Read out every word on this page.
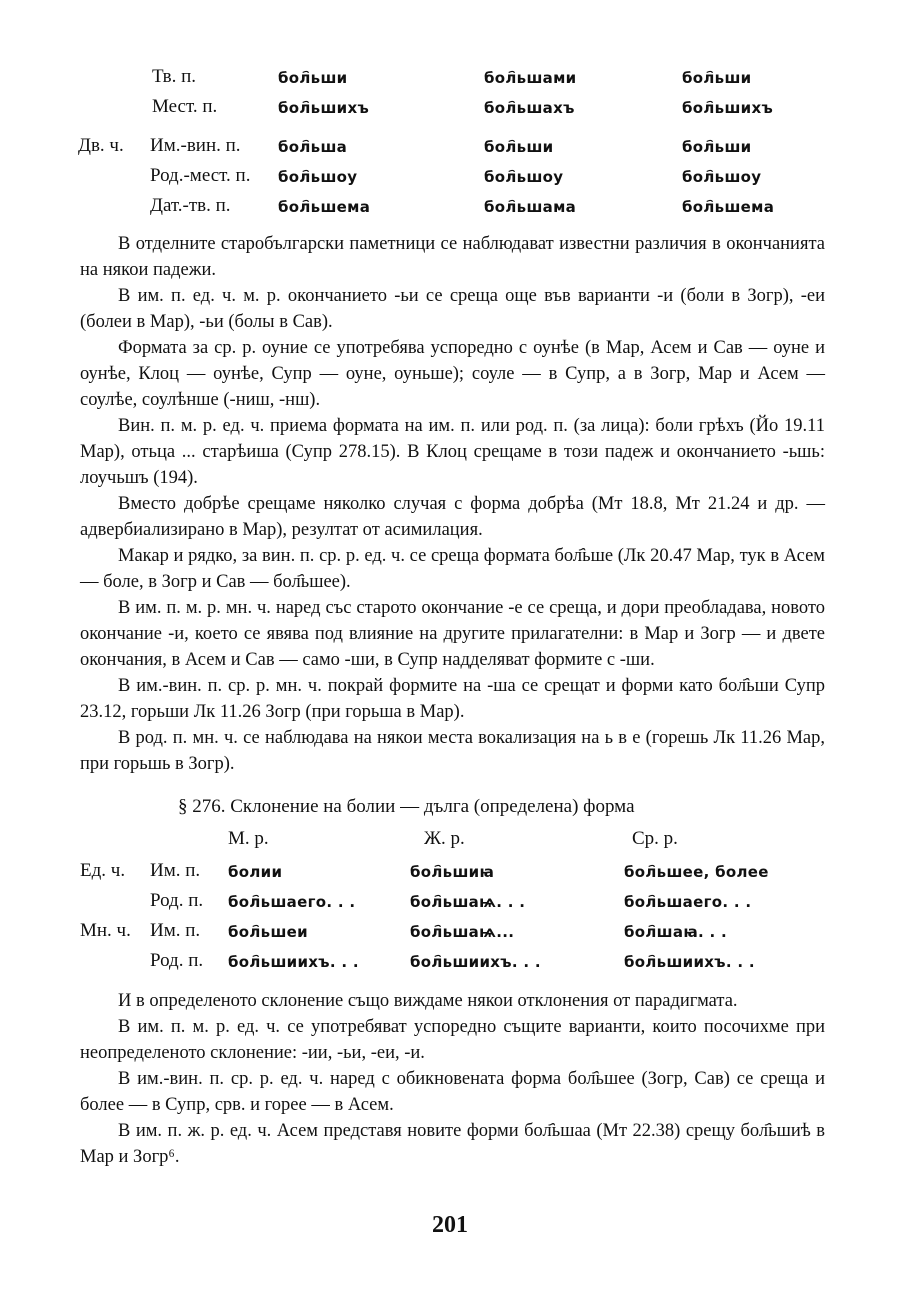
Тв. п.	бол҄ьши	бол҄ьшами	бол҄ьши
Мест. п.	бол҄ьшихъ	бол҄ьшахъ	бол҄ьшихъ
Дв. ч. Им.-вин. п. бол҄ьша	бол҄ьши	бол҄ьши
Род.-мест. п. бол҄ьшоу	бол҄ьшоу	бол҄ьшоу
Дат.-тв. п.	бол҄ьшема	бол҄ьшама	бол҄ьшема

В отделните старобългарски паметници се наблюдават известни различия в окончанията на някои падежи.

В им. п. ед. ч. м. р. окончанието -ьи се среща още във варианти -и (боли в Зогр), -еи (болеи в Мар), -ьи (болы в Сав).

Формата за ср. р. оуние се употребява успоредно с оунѣе (в Мар, Асем и Сав — оуне и оунѣе, Клоц — оунѣе, Супр — оуне, оуньше); соуле — в Супр, а в Зогр, Мар и Асем — соулѣе, соулѣнше (-ниш, -нш).

Вин. п. м. р. ед. ч. приема формата на им. п. или род. п. (за лица): боли грѣхъ (Йо 19.11 Мар), отьца ... старѣиша (Супр 278.15). В Клоц срещаме в този падеж и окончанието -ьшь: лоучьшъ (194).

Вместо добрѣе срещаме няколко случая с форма добрѣа (Мт 18.8, Мт 21.24 и др. — адвербиализирано в Мар), резултат от асимилация.

Макар и рядко, за вин. п. ср. р. ед. ч. се среща формата бол҄ьше (Лк 20.47 Мар, тук в Асем — боле, в Зогр и Сав — бол҄ьшее).

В им. п. м. р. мн. ч. наред със старото окончание -е се среща, и дори преобладава, новото окончание -и, което се явява под влияние на другите прилагателни: в Мар и Зогр — и двете окончания, в Асем и Сав — само -ши, в Супр надделяват формите с -ши.

В им.-вин. п. ср. р. мн. ч. покрай формите на -ша се срещат и форми като бол҄ьши Супр 23.12, горьши Лк 11.26 Зогр (при горьша в Мар).

В род. п. мн. ч. се наблюдава на някои места вокализация на ь в е (горешь Лк 11.26 Мар, при горьшь в Зогр).

§ 276. Склонение на болии — дълга (определена) форма
М. р.	Ж. р.	Ср. р.
Ед. ч. Им. п. болии	бол҄ьшиꙗ	бол҄ьшее, более
Род. п. бол҄ьшаего. . .	бол҄ьшаѩ. . .	бол҄ьшаего. . .
Мн. ч. Им. п. бол҄ьшеи	бол҄ьшаѩ...	бол҄шаꙗ. . .
Род. п. бол҄ьшиихъ. . .	бол҄ьшиихъ. . .	бол҄ьшиихъ. . .

И в определеното склонение също виждаме някои отклонения от парадигмата.

В им. п. м. р. ед. ч. се употребяват успоредно същите варианти, които посочихме при неопределеното склонение: -ии, -ьи, -еи, -и.

В им.-вин. п. ср. р. ед. ч. наред с обикновената форма бол҄ьшее (Зогр, Сав) се среща и более — в Супр, срв. и горее — в Асем.

В им. п. ж. р. ед. ч. Асем представя новите форми бол҄ьшаа (Мт 22.38) срещу бол҄ьшиѣ в Мар и Зогр⁶.

201
